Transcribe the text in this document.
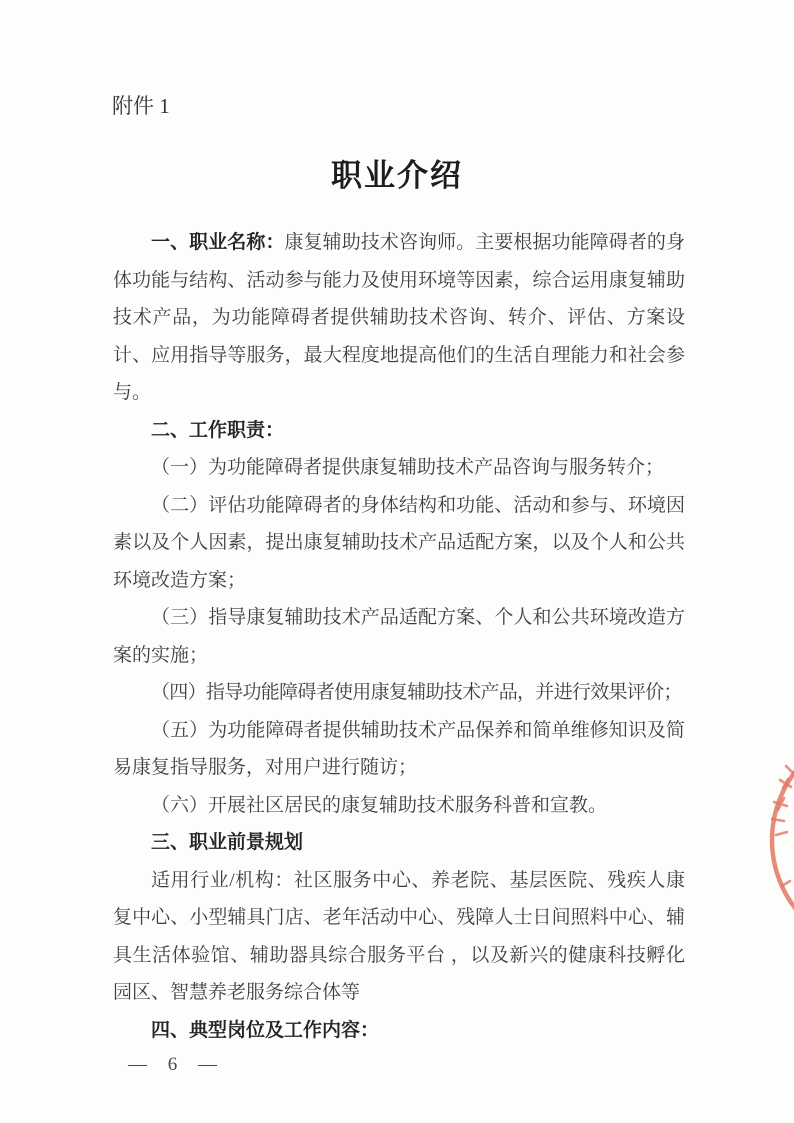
附件 1
职业介绍

一、职业名称：康复辅助技术咨询师。主要根据功能障碍者的身体功能与结构、活动参与能力及使用环境等因素，综合运用康复辅助技术产品，为功能障碍者提供辅助技术咨询、转介、评估、方案设计、应用指导等服务，最大程度地提高他们的生活自理能力和社会参与。

二、工作职责：

（一）为功能障碍者提供康复辅助技术产品咨询与服务转介；

（二）评估功能障碍者的身体结构和功能、活动和参与、环境因素以及个人因素，提出康复辅助技术产品适配方案，以及个人和公共环境改造方案；

（三）指导康复辅助技术产品适配方案、个人和公共环境改造方案的实施；

（四）指导功能障碍者使用康复辅助技术产品，并进行效果评价；

（五）为功能障碍者提供辅助技术产品保养和简单维修知识及简易康复指导服务，对用户进行随访；

（六）开展社区居民的康复辅助技术服务科普和宣教。

三、职业前景规划

适用行业/机构：社区服务中心、养老院、基层医院、残疾人康复中心、小型辅具门店、老年活动中心、残障人士日间照料中心、辅具生活体验馆、辅助器具综合服务平台 ，以及新兴的健康科技孵化园区、智慧养老服务综合体等

四、典型岗位及工作内容：

— 6 —
